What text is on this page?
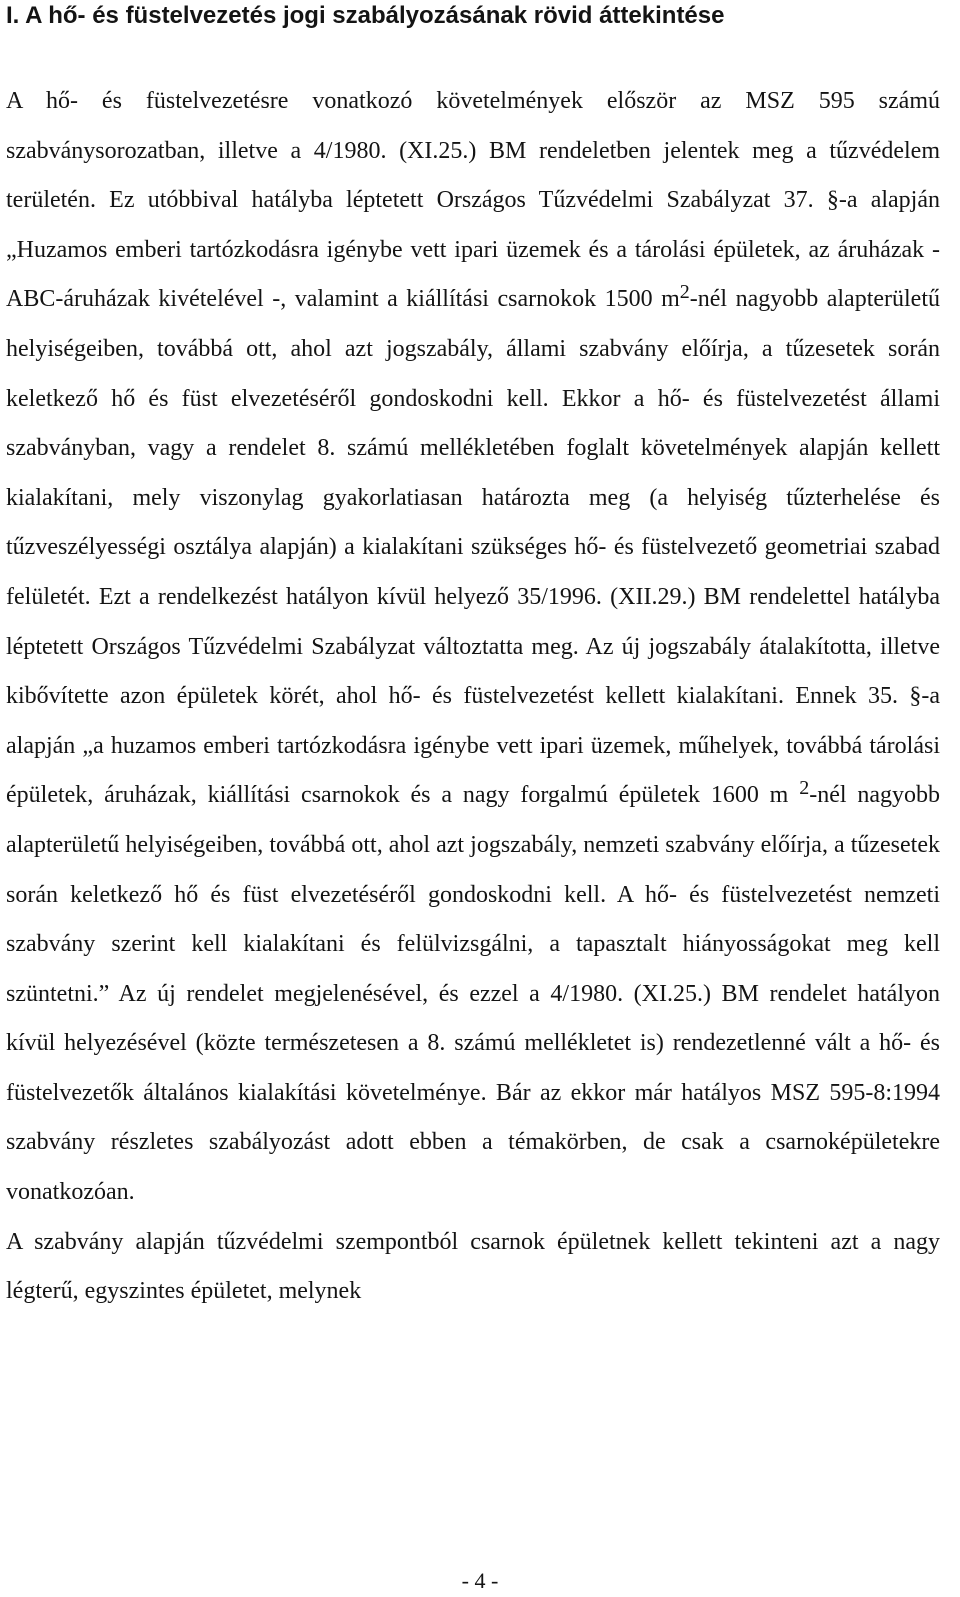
I. A hő- és füstelvezetés jogi szabályozásának rövid áttekintése

A hő- és füstelvezetésre vonatkozó követelmények először az MSZ 595 számú szabványsorozatban, illetve a 4/1980. (XI.25.) BM rendeletben jelentek meg a tűzvédelem területén. Ez utóbbival hatályba léptetett Országos Tűzvédelmi Szabályzat 37. §-a alapján „Huzamos emberi tartózkodásra igénybe vett ipari üzemek és a tárolási épületek, az áruházak - ABC-áruházak kivételével -, valamint a kiállítási csarnokok 1500 $m^2$-nél nagyobb alapterületű helyiségeiben, továbbá ott, ahol azt jogszabály, állami szabvány előírja, a tűzesetek során keletkező hő és füst elvezetéséről gondoskodni kell. Ekkor a hő- és füstelvezetést állami szabványban, vagy a rendelet 8. számú mellékletében foglalt követelmények alapján kellett kialakítani, mely viszonylag gyakorlatiasan határozta meg (a helyiség tűzterhelése és tűzveszélyességi osztálya alapján) a kialakítani szükséges hő- és füstelvezető geometriai szabad felületét. Ezt a rendelkezést hatályon kívül helyező 35/1996. (XII.29.) BM rendelettel hatályba léptetett Országos Tűzvédelmi Szabályzat változtatta meg. Az új jogszabály átalakította, illetve kibővítette azon épületek körét, ahol hő- és füstelvezetést kellett kialakítani. Ennek 35. §-a alapján „a huzamos emberi tartózkodásra igénybe vett ipari üzemek, műhelyek, továbbá tárolási épületek, áruházak, kiállítási csarnokok és a nagy forgalmú épületek 1600 m $^2$-nél nagyobb alapterületű helyiségeiben, továbbá ott, ahol azt jogszabály, nemzeti szabvány előírja, a tűzesetek során keletkező hő és füst elvezetéséről gondoskodni kell. A hő- és füstelvezetést nemzeti szabvány szerint kell kialakítani és felülvizsgálni, a tapasztalt hiányosságokat meg kell szüntetni.” Az új rendelet megjelenésével, és ezzel a 4/1980. (XI.25.) BM rendelet hatályon kívül helyezésével (közte természetesen a 8. számú mellékletet is) rendezetlenné vált a hő- és füstelvezetők általános kialakítási követelménye. Bár az ekkor már hatályos MSZ 595-8:1994 szabvány részletes szabályozást adott ebben a témakörben, de csak a csarnoképületekre vonatkozóan.

A szabvány alapján tűzvédelmi szempontból csarnok épületnek kellett tekinteni azt a nagy légterű, egyszintes épületet, melynek

- 4 -
